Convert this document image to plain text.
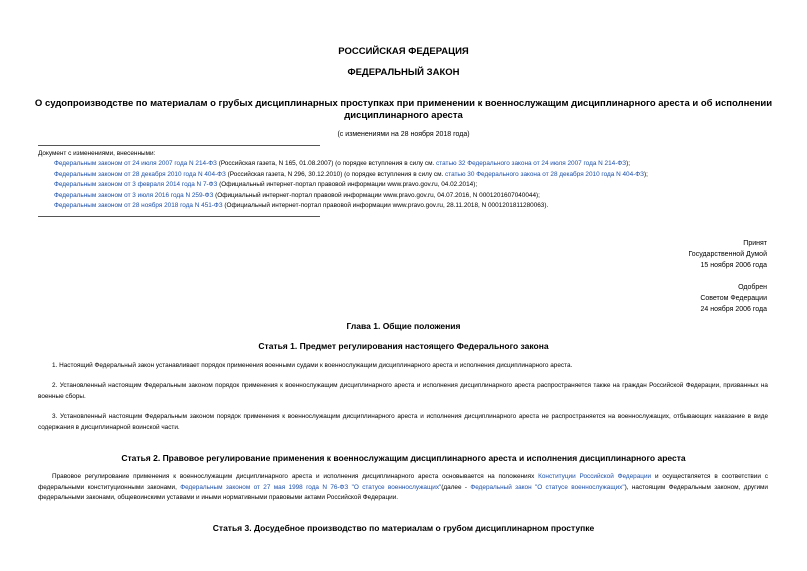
РОССИЙСКАЯ ФЕДЕРАЦИЯ
ФЕДЕРАЛЬНЫЙ ЗАКОН
О судопроизводстве по материалам о грубых дисциплинарных проступках при применении к военнослужащим дисциплинарного ареста и об исполнении дисциплинарного ареста
(с изменениями на 28 ноября 2018 года)
Документ с изменениями, внесенными:
Федеральным законом от 24 июля 2007 года N 214-ФЗ (Российская газета, N 165, 01.08.2007) (о порядке вступления в силу см. статью 32 Федерального закона от 24 июля 2007 года N 214-ФЗ);
Федеральным законом от 28 декабря 2010 года N 404-ФЗ (Российская газета, N 296, 30.12.2010) (о порядке вступления в силу см. статью 30 Федерального закона от 28 декабря 2010 года N 404-ФЗ);
Федеральным законом от 3 февраля 2014 года N 7-ФЗ (Официальный интернет-портал правовой информации www.pravo.gov.ru, 04.02.2014);
Федеральным законом от 3 июля 2016 года N 259-ФЗ (Официальный интернет-портал правовой информации www.pravo.gov.ru, 04.07.2016, N 0001201607040044);
Федеральным законом от 28 ноября 2018 года N 451-ФЗ (Официальный интернет-портал правовой информации www.pravo.gov.ru, 28.11.2018, N 0001201811280063).
Принят
Государственной Думой
15 ноября 2006 года
Одобрен
Советом Федерации
24 ноября 2006 года
Глава 1. Общие положения
Статья 1. Предмет регулирования настоящего Федерального закона
1. Настоящий Федеральный закон устанавливает порядок применения военными судами к военнослужащим дисциплинарного ареста и исполнения дисциплинарного ареста.
2. Установленный настоящим Федеральным законом порядок применения к военнослужащим дисциплинарного ареста и исполнения дисциплинарного ареста распространяется также на граждан Российской Федерации, призванных на военные сборы.
3. Установленный настоящим Федеральным законом порядок применения к военнослужащим дисциплинарного ареста и исполнения дисциплинарного ареста не распространяется на военнослужащих, отбывающих наказание в виде содержания в дисциплинарной воинской части.
Статья 2. Правовое регулирование применения к военнослужащим дисциплинарного ареста и исполнения дисциплинарного ареста
Правовое регулирование применения к военнослужащим дисциплинарного ареста и исполнения дисциплинарного ареста основывается на положениях Конституции Российской Федерации и осуществляется в соответствии с федеральными конституционными законами, Федеральным законом от 27 мая 1998 года N 76-ФЗ "О статусе военнослужащих"(далее - Федеральный закон "О статусе военнослужащих"), настоящим Федеральным законом, другими федеральными законами, общевоинскими уставами и иными нормативными правовыми актами Российской Федерации.
Статья 3. Досудебное производство по материалам о грубом дисциплинарном проступке
